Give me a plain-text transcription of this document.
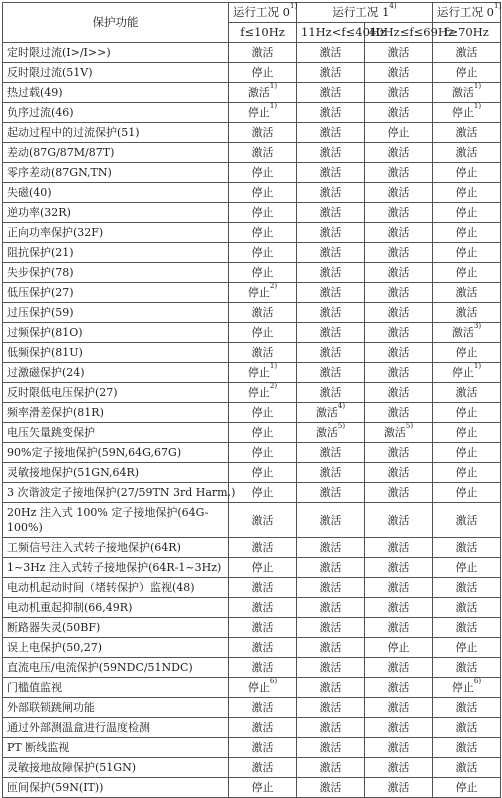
保护功能	运行工况 0$^{1)}$	运行工况 1$^{4)}$		运行工况 0$^{1)}$
	f≤10Hz	11Hz<f≤40Hz	40Hz≤f≤69Hz	f≥70Hz
定时限过流(I>/I>>)	激活	激活	激活	激活
反时限过流(51V)	停止	激活	激活	停止
热过载(49)	激活$^{1)}$	激活	激活	激活$^{1)}$
负序过流(46)	停止$^{1)}$	激活	激活	停止$^{1)}$
起动过程中的过流保护(51)	激活	激活	停止	激活
差动(87G/87M/87T)	激活	激活	激活	激活
零序差动(87GN,TN)	停止	激活	激活	停止
失磁(40)	停止	激活	激活	停止
逆功率(32R)	停止	激活	激活	停止
正向功率保护(32F)	停止	激活	激活	停止
阻抗保护(21)	停止	激活	激活	停止
失步保护(78)	停止	激活	激活	停止
低压保护(27)	停止$^{2)}$	激活	激活	激活
过压保护(59)	激活	激活	激活	激活
过频保护(81O)	停止	激活	激活	激活$^{3)}$
低频保护(81U)	激活	激活	激活	停止
过激磁保护(24)	停止$^{1)}$	激活	激活	停止$^{1)}$
反时限低电压保护(27)	停止$^{2)}$	激活	激活	激活
频率滑差保护(81R)	停止	激活$^{4)}$	激活	停止
电压矢量跳变保护	停止	激活$^{5)}$	激活$^{5)}$	停止
90%定子接地保护(59N,64G,67G)	停止	激活	激活	停止
灵敏接地保护(51GN,64R)	停止	激活	激活	停止
3 次谐波定子接地保护(27/59TN 3rd Harm.)	停止	激活	激活	停止
20Hz 注入式 100% 定子接地保护(64G-100%)	激活	激活	激活	激活
工频信号注入式转子接地保护(64R)	激活	激活	激活	激活
1~3Hz 注入式转子接地保护(64R-1~3Hz)	停止	激活	激活	停止
电动机起动时间（堵转保护）监视(48)	激活	激活	激活	激活
电动机重起抑制(66,49R)	激活	激活	激活	激活
断路器失灵(50BF)	激活	激活	激活	激活
误上电保护(50,27)	激活	激活	停止	停止
直流电压/电流保护(59NDC/51NDC)	激活	激活	激活	激活
门槛值监视	停止$^{6)}$	激活	激活	停止$^{6)}$
外部联锁跳闸功能	激活	激活	激活	激活
通过外部测温盒进行温度检测	激活	激活	激活	激活
PT 断线监视	激活	激活	激活	激活
灵敏接地故障保护(51GN)	激活	激活	激活	激活
匝间保护(59N(IT))	停止	激活	激活	停止
